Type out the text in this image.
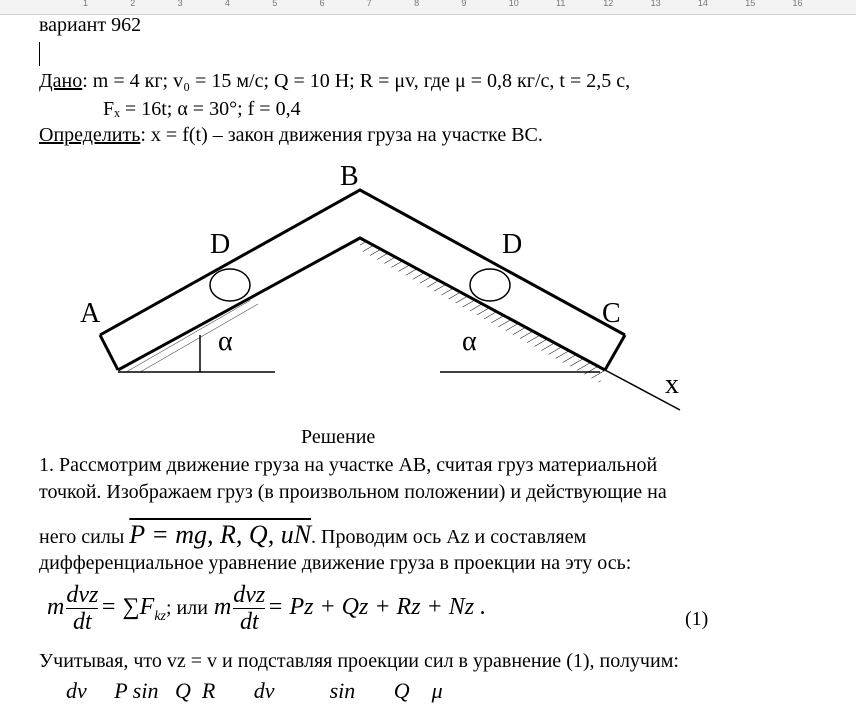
1	2	3	4	5	6	7	8	9	10	11	12	13	14	15	16
вариант 962
Дано: m = 4 кг; v₀ = 15 м/с; Q = 10 Н; R = μv, где μ = 0,8 кг/с, t = 2,5 с,
Fₓ = 16t; α = 30°; f = 0,4
Определить: x = f(t) – закон движения груза на участке ВС.
B
A	C
D	D
α	α
x
Решение
1. Рассмотрим движение груза на участке АВ, считая груз материальной
точкой. Изображаем груз (в произвольном положении) и действующие на
него силы P = mg, R, Q, uN. Проводим ось Az и составляем
дифференциальное уравнение движение груза в проекции на эту ось:
m $\frac{\text{dvz}}{dt} = \sum F_{kz}$; или m $\frac{\text{dvz}}{dt} = Pz + Qz + Rz + Nz$ .	(1)
Учитывая, что vz = v и подставляя проекции сил в уравнение (1), получим:
dv     P sin   Q  R       dv          sin       Q    μ
